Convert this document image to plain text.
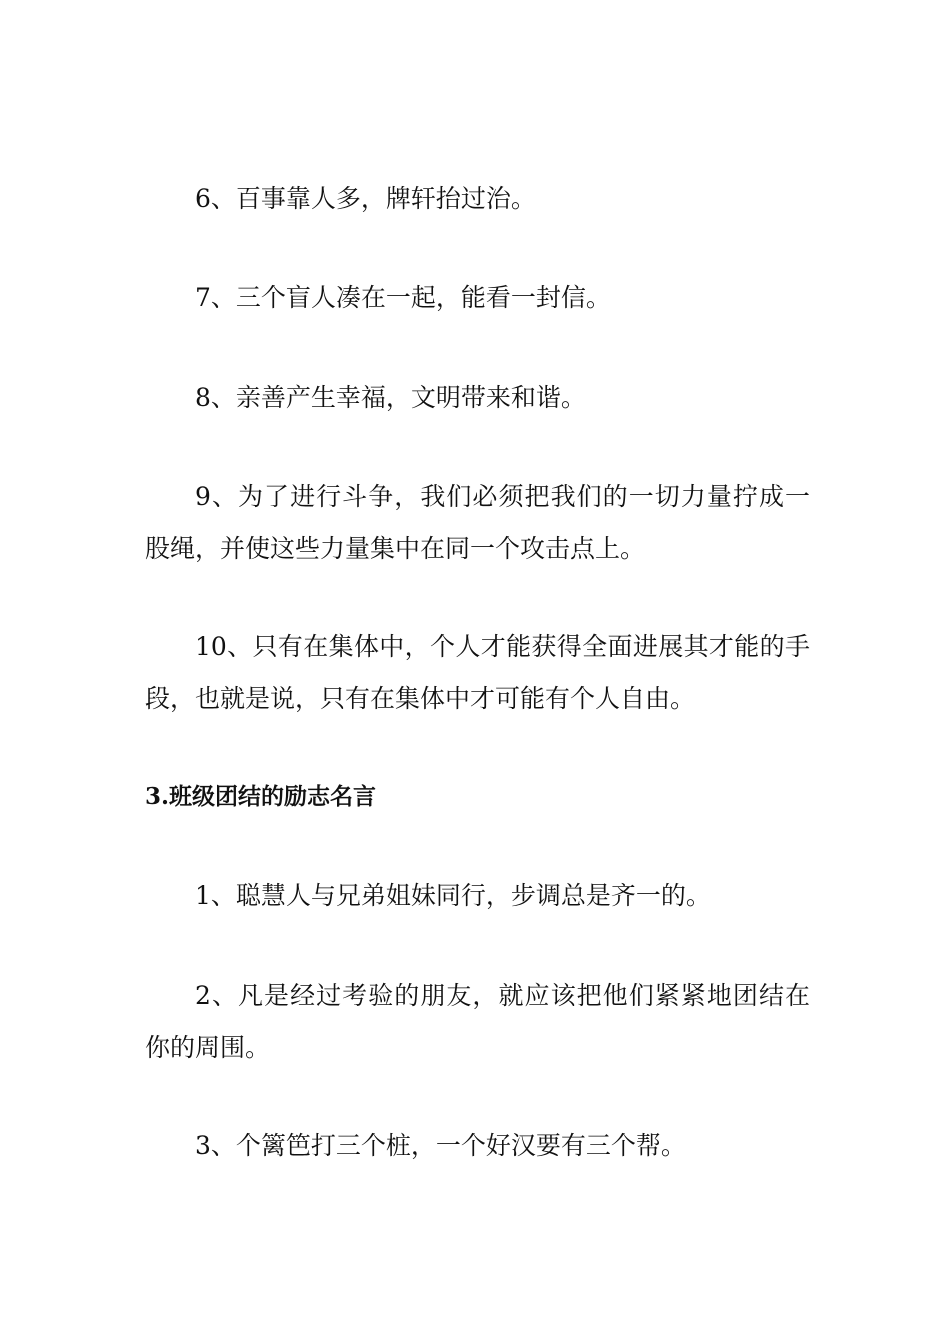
6、百事靠人多，牌轩抬过治。

7、三个盲人凑在一起，能看一封信。

8、亲善产生幸福，文明带来和谐。

9、为了进行斗争，我们必须把我们的一切力量拧成一股绳，并使这些力量集中在同一个攻击点上。

10、只有在集体中，个人才能获得全面进展其才能的手段，也就是说，只有在集体中才可能有个人自由。

3.班级团结的励志名言

1、聪慧人与兄弟姐妹同行，步调总是齐一的。

2、凡是经过考验的朋友，就应该把他们紧紧地团结在你的周围。

3、个篱笆打三个桩，一个好汉要有三个帮。
